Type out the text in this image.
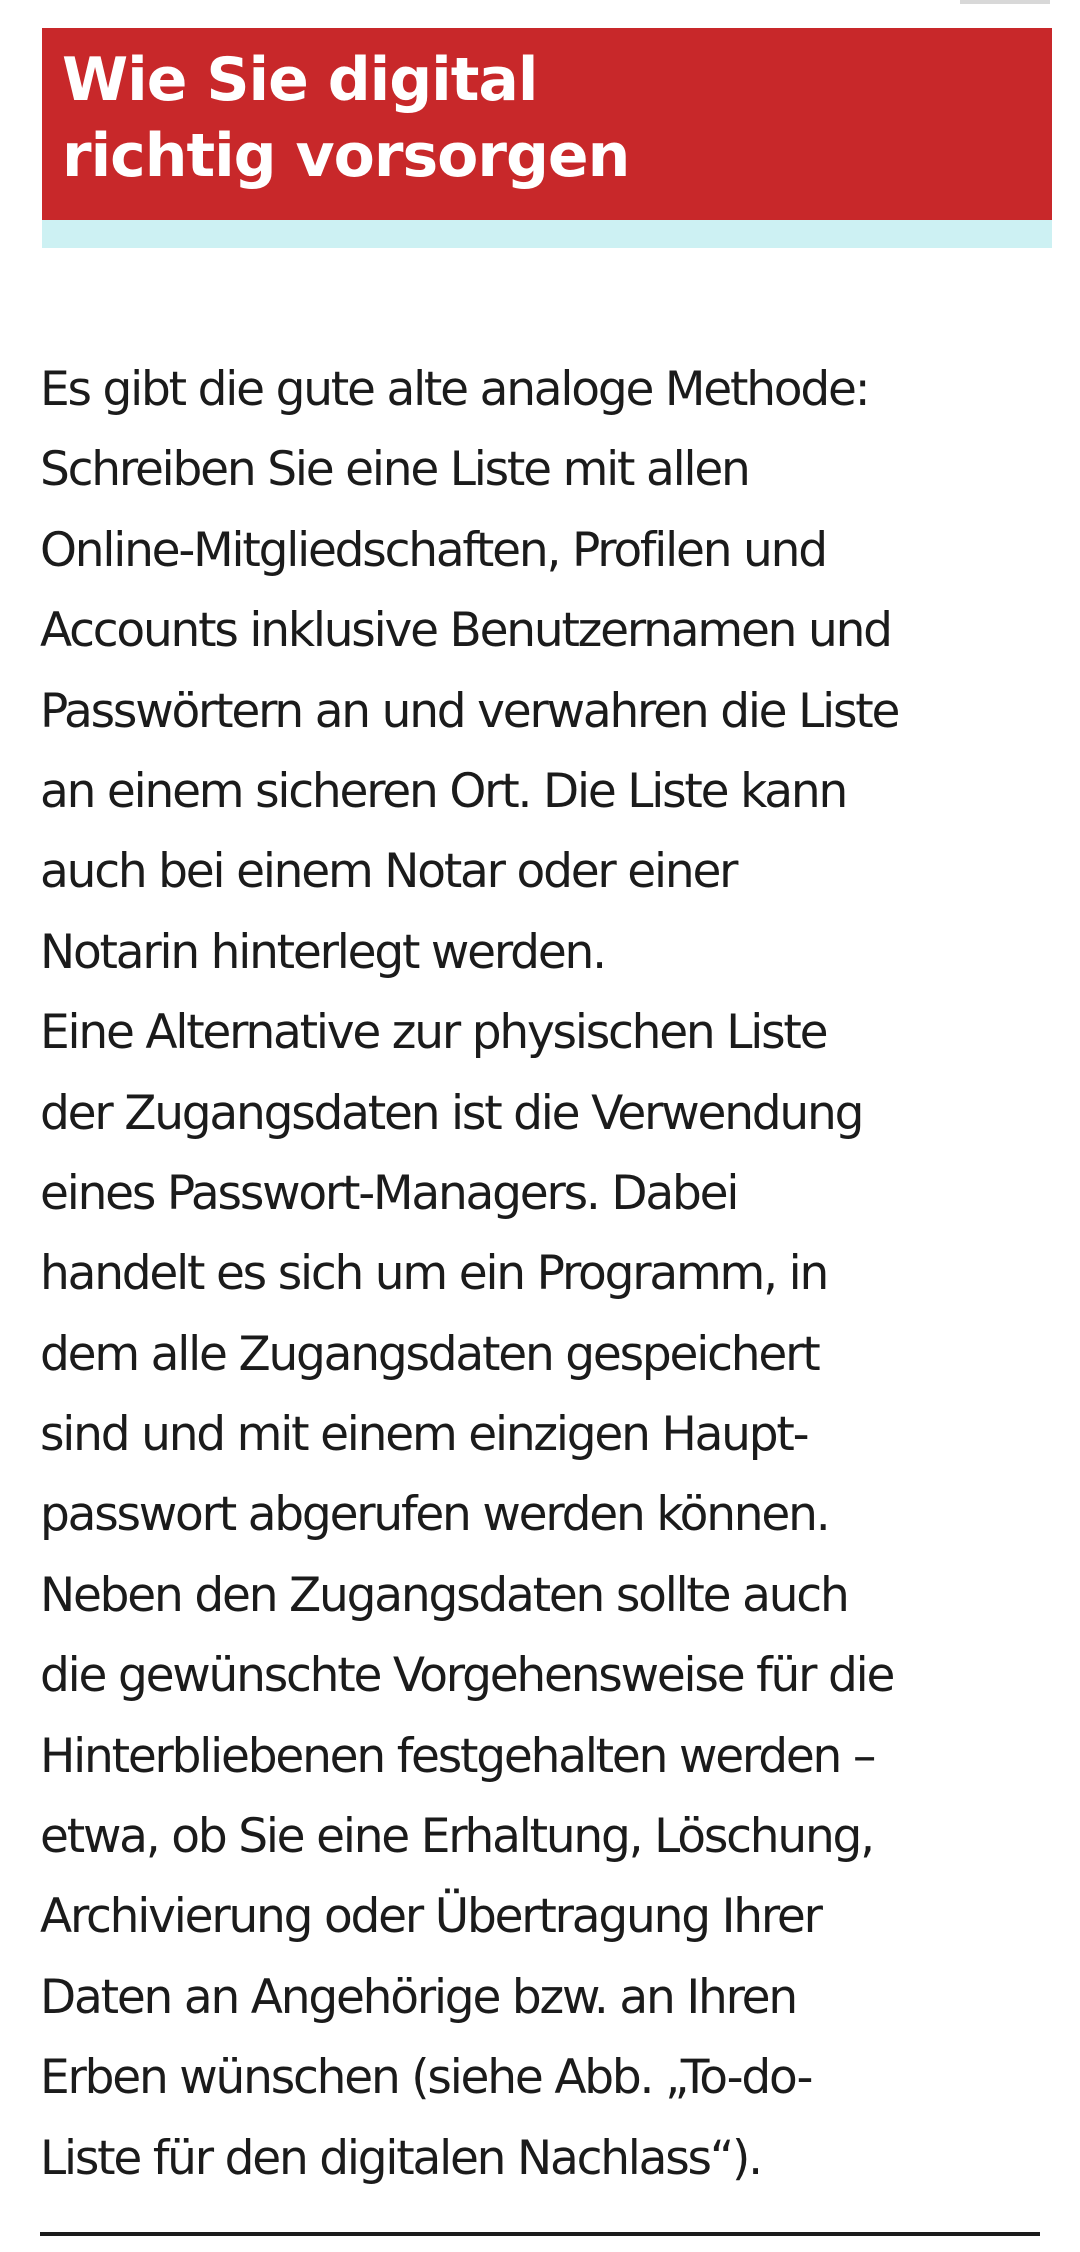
Wie Sie digital
richtig vorsorgen
Es gibt die gute alte analoge Methode:
Schreiben Sie eine Liste mit allen
Online-Mitgliedschaften, Profilen und
Accounts inklusive Benutzernamen und
Passwörtern an und verwahren die Liste
an einem sicheren Ort. Die Liste kann
auch bei einem Notar oder einer
Notarin hinterlegt werden.
Eine Alternative zur physischen Liste
der Zugangsdaten ist die Verwendung
eines Passwort-Managers. Dabei
handelt es sich um ein Programm, in
dem alle Zugangsdaten gespeichert
sind und mit einem einzigen Haupt-
passwort abgerufen werden können.
Neben den Zugangsdaten sollte auch
die gewünschte Vorgehensweise für die
Hinterbliebenen festgehalten werden –
etwa, ob Sie eine Erhaltung, Löschung,
Archivierung oder Übertragung Ihrer
Daten an Angehörige bzw. an Ihren
Erben wünschen (siehe Abb. „To-do-
Liste für den digitalen Nachlass“).
